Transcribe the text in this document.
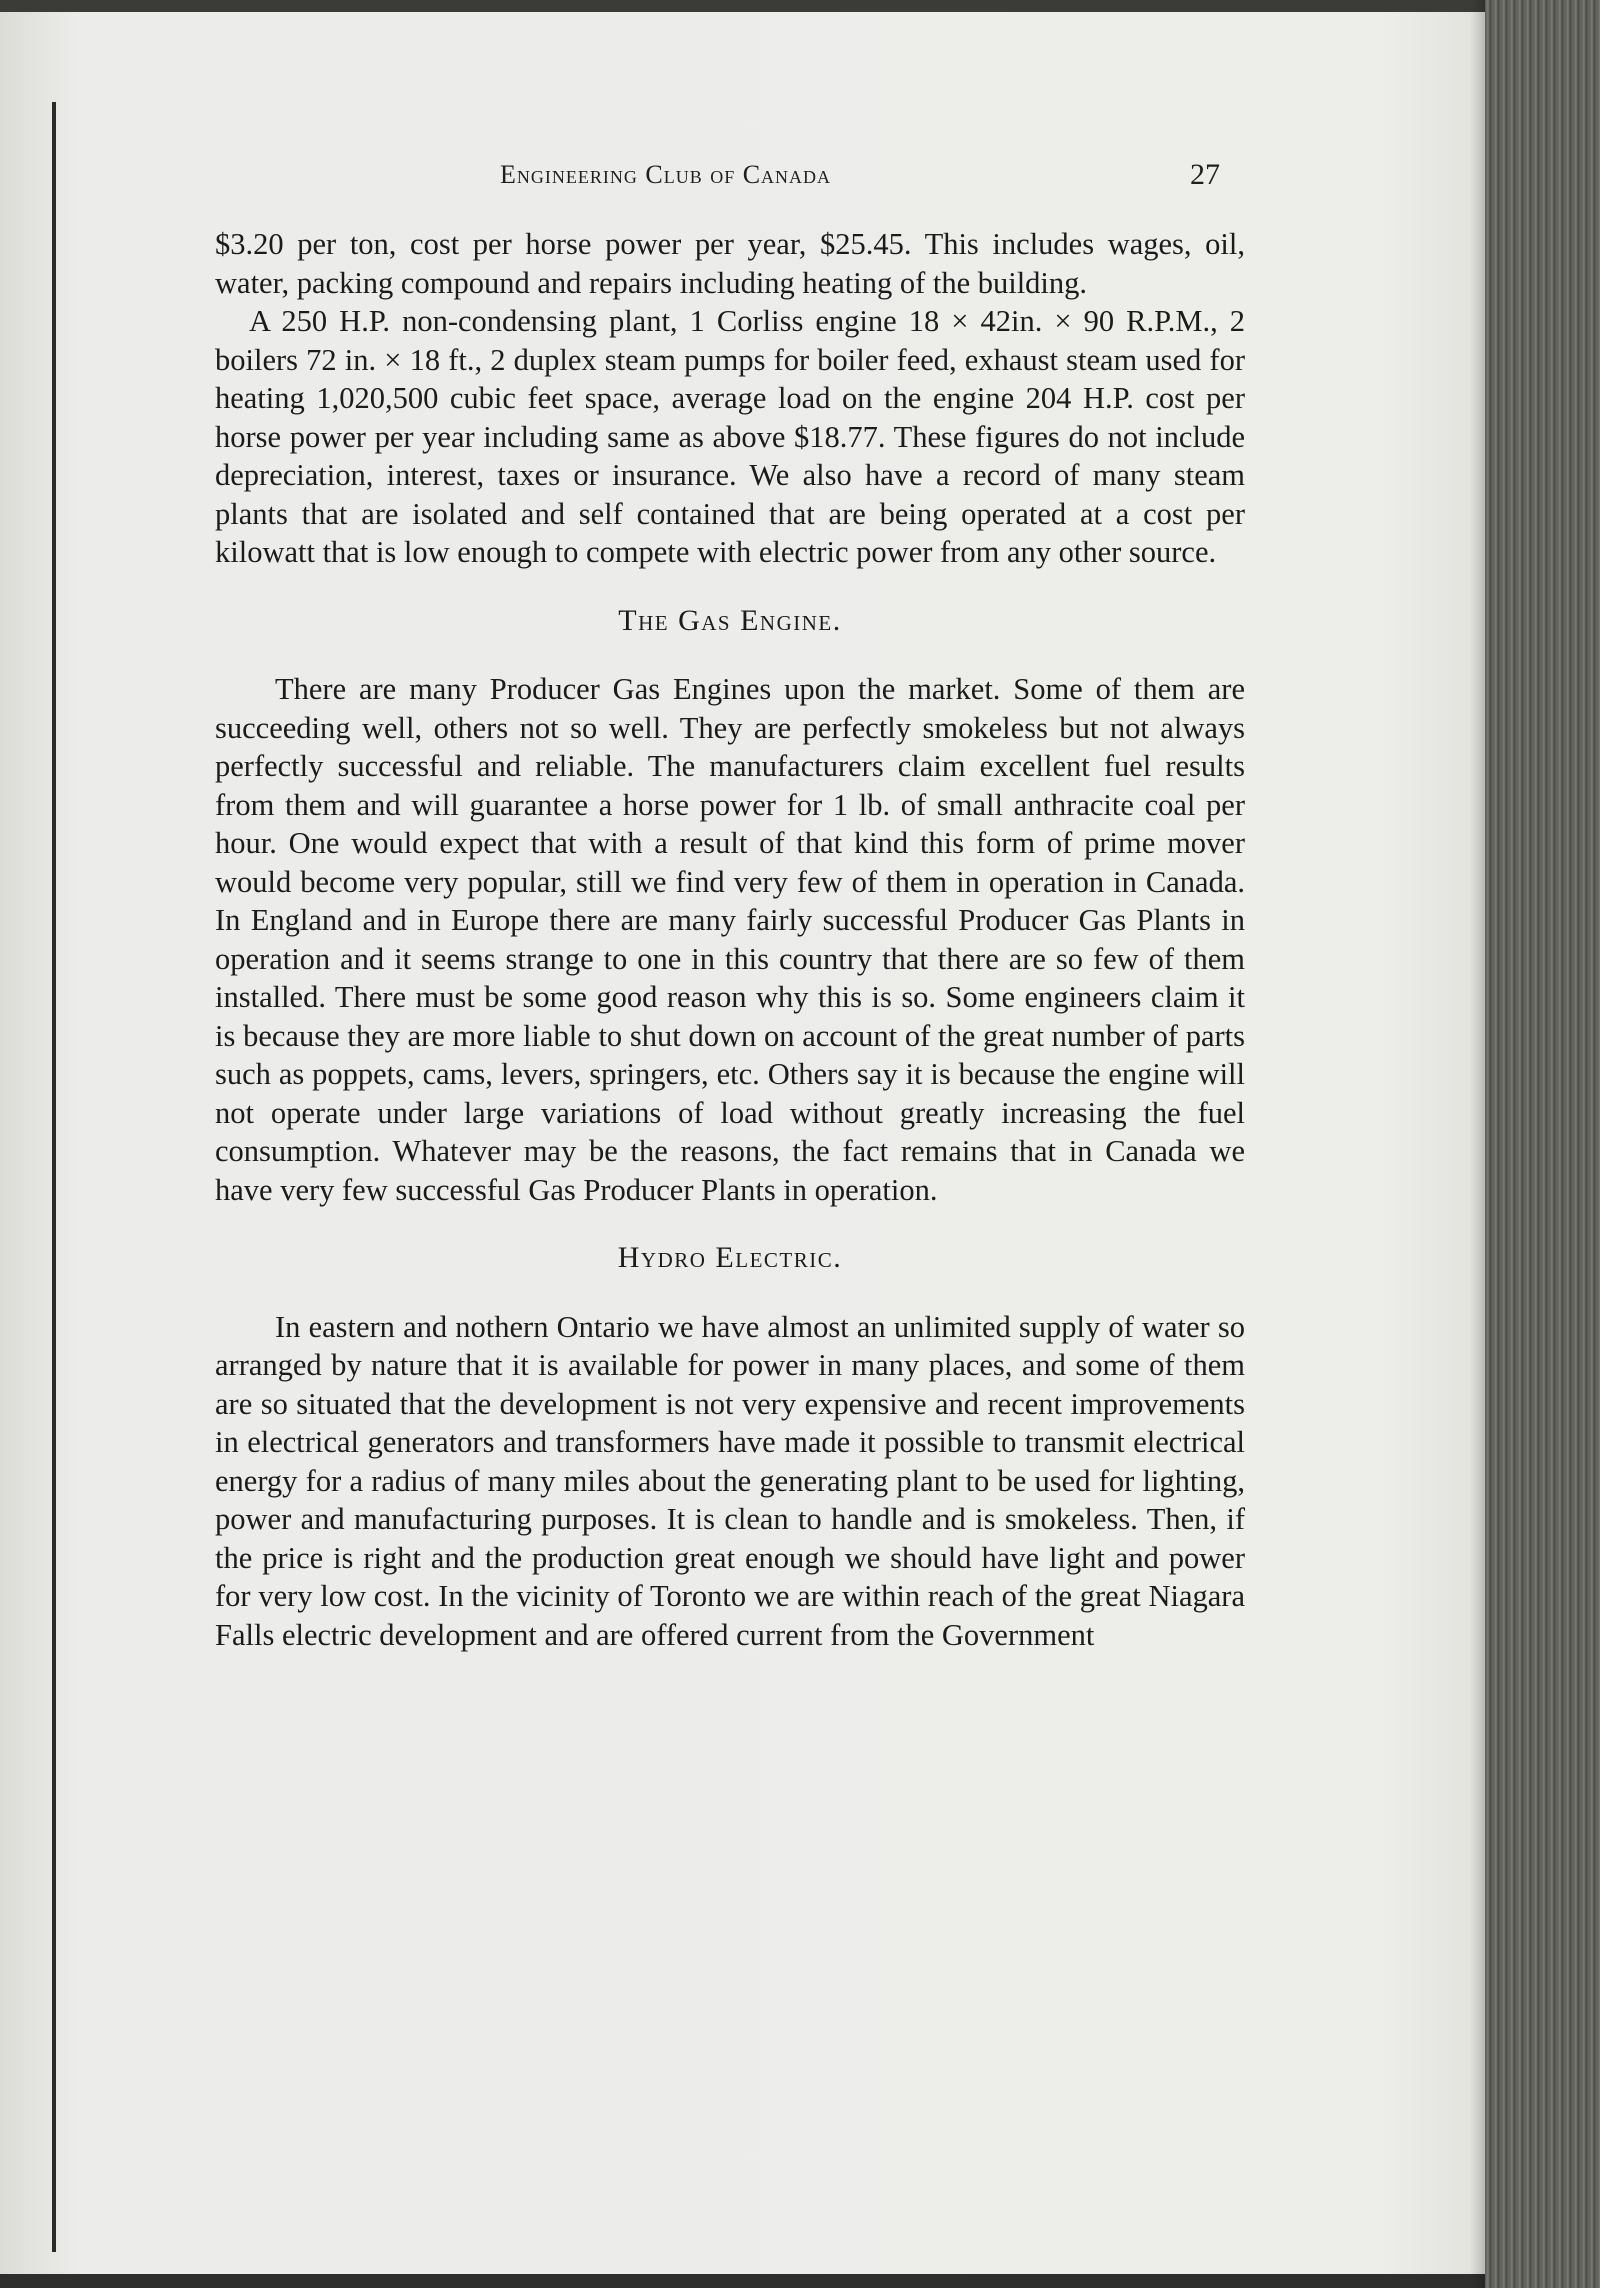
Engineering Club of Canada	27

$3.20 per ton, cost per horse power per year, $25.45. This includes wages, oil, water, packing compound and repairs including heating of the building.

A 250 H.P. non-condensing plant, 1 Corliss engine 18 × 42in. × 90 R.P.M., 2 boilers 72 in. × 18 ft., 2 duplex steam pumps for boiler feed, exhaust steam used for heating 1,020,500 cubic feet space, average load on the engine 204 H.P. cost per horse power per year including same as above $18.77. These figures do not include depreciation, interest, taxes or insurance. We also have a record of many steam plants that are isolated and self contained that are being operated at a cost per kilowatt that is low enough to compete with electric power from any other source.

The Gas Engine.

There are many Producer Gas Engines upon the market. Some of them are succeeding well, others not so well. They are perfectly smokeless but not always perfectly successful and reliable. The manufacturers claim excellent fuel results from them and will guarantee a horse power for 1 lb. of small anthracite coal per hour. One would expect that with a result of that kind this form of prime mover would become very popular, still we find very few of them in operation in Canada. In England and in Europe there are many fairly successful Producer Gas Plants in operation and it seems strange to one in this country that there are so few of them installed. There must be some good reason why this is so. Some engineers claim it is because they are more liable to shut down on account of the great number of parts such as poppets, cams, levers, springers, etc. Others say it is because the engine will not operate under large variations of load without greatly increasing the fuel consumption. Whatever may be the reasons, the fact remains that in Canada we have very few successful Gas Producer Plants in operation.

Hydro Electric.

In eastern and nothern Ontario we have almost an unlimited supply of water so arranged by nature that it is available for power in many places, and some of them are so situated that the development is not very expensive and recent improvements in electrical generators and transformers have made it possible to transmit electrical energy for a radius of many miles about the generating plant to be used for lighting, power and manufacturing purposes. It is clean to handle and is smokeless. Then, if the price is right and the production great enough we should have light and power for very low cost. In the vicinity of Toronto we are within reach of the great Niagara Falls electric development and are offered current from the Government
